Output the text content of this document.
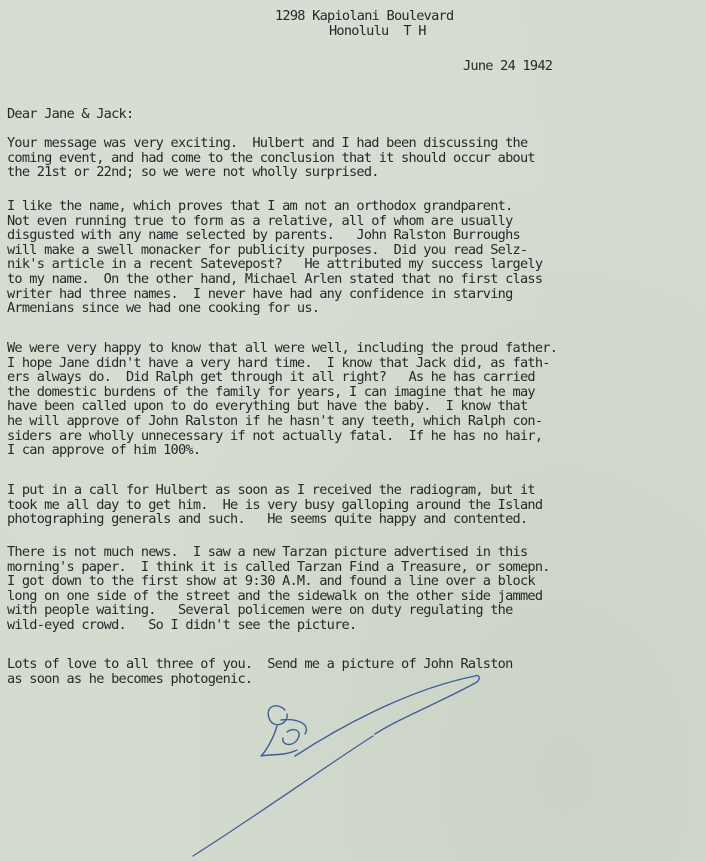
1298 Kapiolani Boulevard
Honolulu  T H
June 24 1942
Dear Jane & Jack:
Your message was very exciting.  Hulbert and I had been discussing the
coming event, and had come to the conclusion that it should occur about
the 21st or 22nd; so we were not wholly surprised.
I like the name, which proves that I am not an orthodox grandparent.
Not even running true to form as a relative, all of whom are usually
disgusted with any name selected by parents.   John Ralston Burroughs
will make a swell monacker for publicity purposes.  Did you read Selz-
nik's article in a recent Satevepost?   He attributed my success largely
to my name.  On the other hand, Michael Arlen stated that no first class
writer had three names.  I never have had any confidence in starving
Armenians since we had one cooking for us.
We were very happy to know that all were well, including the proud father.
I hope Jane didn't have a very hard time.  I know that Jack did, as fath-
ers always do.  Did Ralph get through it all right?   As he has carried
the domestic burdens of the family for years, I can imagine that he may
have been called upon to do everything but have the baby.  I know that
he will approve of John Ralston if he hasn't any teeth, which Ralph con-
siders are wholly unnecessary if not actually fatal.  If he has no hair,
I can approve of him 100%.
I put in a call for Hulbert as soon as I received the radiogram, but it
took me all day to get him.  He is very busy galloping around the Island
photographing generals and such.   He seems quite happy and contented.
There is not much news.  I saw a new Tarzan picture advertised in this
morning's paper.  I think it is called Tarzan Find a Treasure, or somepn.
I got down to the first show at 9:30 A.M. and found a line over a block
long on one side of the street and the sidewalk on the other side jammed
with people waiting.   Several policemen were on duty regulating the
wild-eyed crowd.   So I didn't see the picture.
Lots of love to all three of you.  Send me a picture of John Ralston
as soon as he becomes photogenic.
